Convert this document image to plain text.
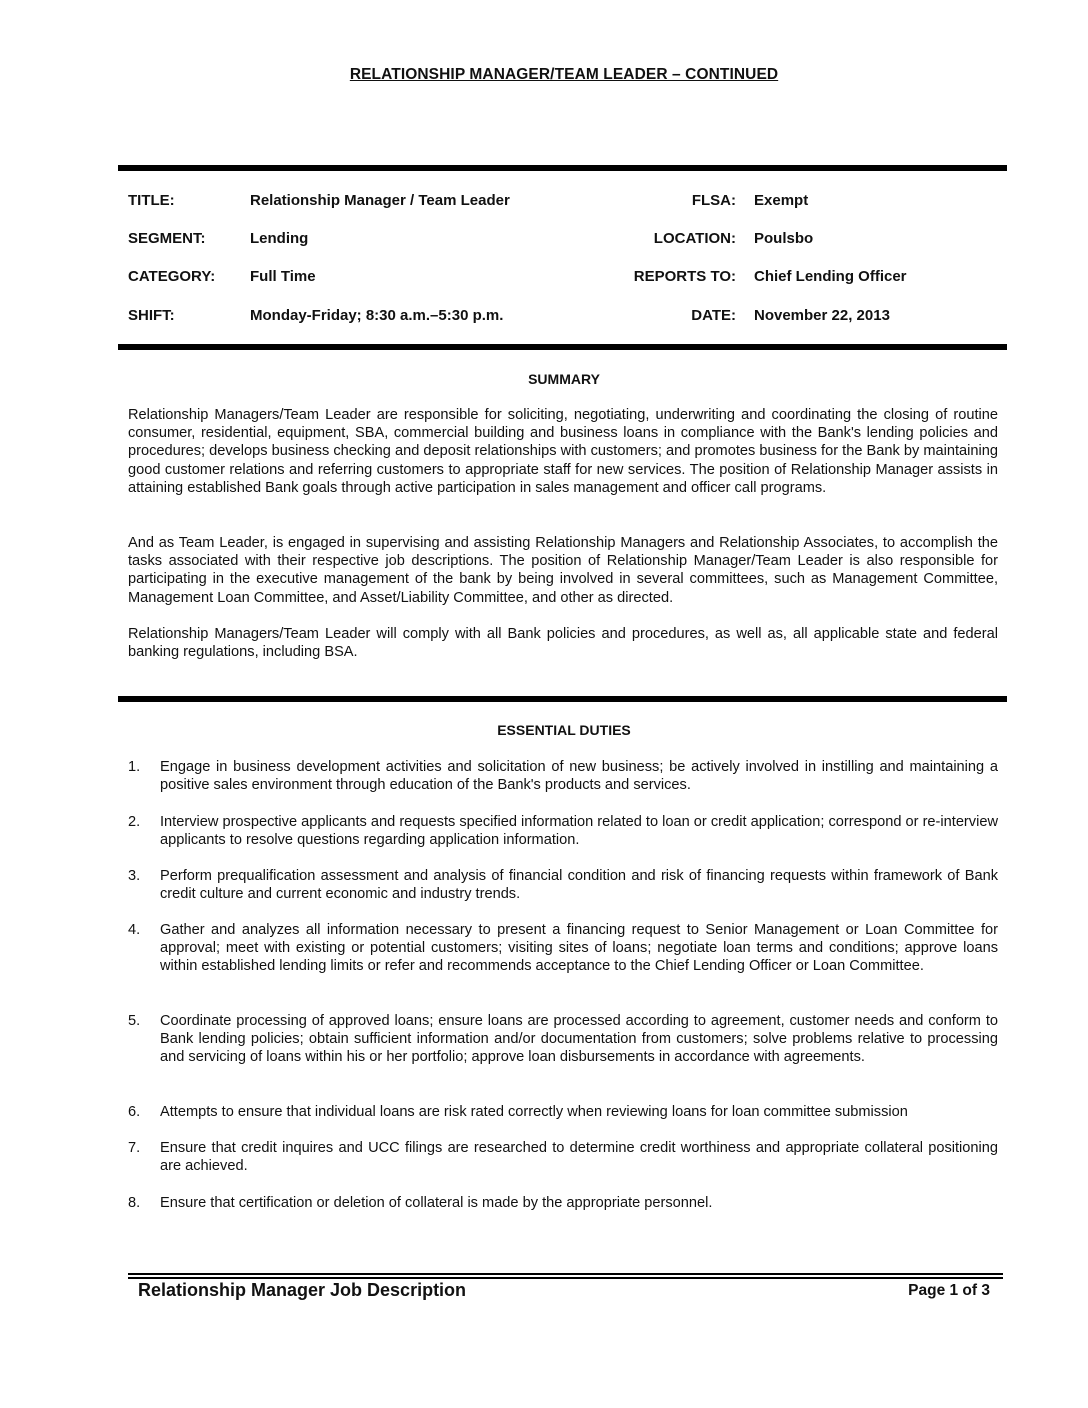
RELATIONSHIP MANAGER/TEAM LEADER – CONTINUED
TITLE:	Relationship Manager / Team Leader	FLSA: Exempt
SEGMENT:	Lending	LOCATION: Poulsbo
CATEGORY: Full Time	REPORTS TO: Chief Lending Officer
SHIFT:	Monday-Friday; 8:30 a.m.–5:30 p.m.	DATE: November 22, 2013
SUMMARY

Relationship Managers/Team Leader are responsible for soliciting, negotiating, underwriting and coordinating the closing of routine consumer, residential, equipment, SBA, commercial building and business loans in compliance with the Bank's lending policies and procedures; develops business checking and deposit relationships with customers; and promotes business for the Bank by maintaining good customer relations and referring customers to appropriate staff for new services. The position of Relationship Manager assists in attaining established Bank goals through active participation in sales management and officer call programs.

And as Team Leader, is engaged in supervising and assisting Relationship Managers and Relationship Associates, to accomplish the tasks associated with their respective job descriptions. The position of Relationship Manager/Team Leader is also responsible for participating in the executive management of the bank by being involved in several committees, such as Management Committee, Management Loan Committee, and Asset/Liability Committee, and other as directed.

Relationship Managers/Team Leader will comply with all Bank policies and procedures, as well as, all applicable state and federal banking regulations, including BSA.

ESSENTIAL DUTIES
1. Engage in business development activities and solicitation of new business; be actively involved in instilling and maintaining a positive sales environment through education of the Bank's products and services.

2. Interview prospective applicants and requests specified information related to loan or credit application; correspond or re-interview applicants to resolve questions regarding application information.

3. Perform prequalification assessment and analysis of financial condition and risk of financing requests within framework of Bank credit culture and current economic and industry trends.

4. Gather and analyzes all information necessary to present a financing request to Senior Management or Loan Committee for approval; meet with existing or potential customers; visiting sites of loans; negotiate loan terms and conditions; approve loans within established lending limits or refer and recommends acceptance to the Chief Lending Officer or Loan Committee.

5. Coordinate processing of approved loans; ensure loans are processed according to agreement, customer needs and conform to Bank lending policies; obtain sufficient information and/or documentation from customers; solve problems relative to processing and servicing of loans within his or her portfolio; approve loan disbursements in accordance with agreements.

6. Attempts to ensure that individual loans are risk rated correctly when reviewing loans for loan committee submission

7. Ensure that credit inquires and UCC filings are researched to determine credit worthiness and appropriate collateral positioning are achieved.

8. Ensure that certification or deletion of collateral is made by the appropriate personnel.

Relationship Manager Job Description	Page 1 of 3
